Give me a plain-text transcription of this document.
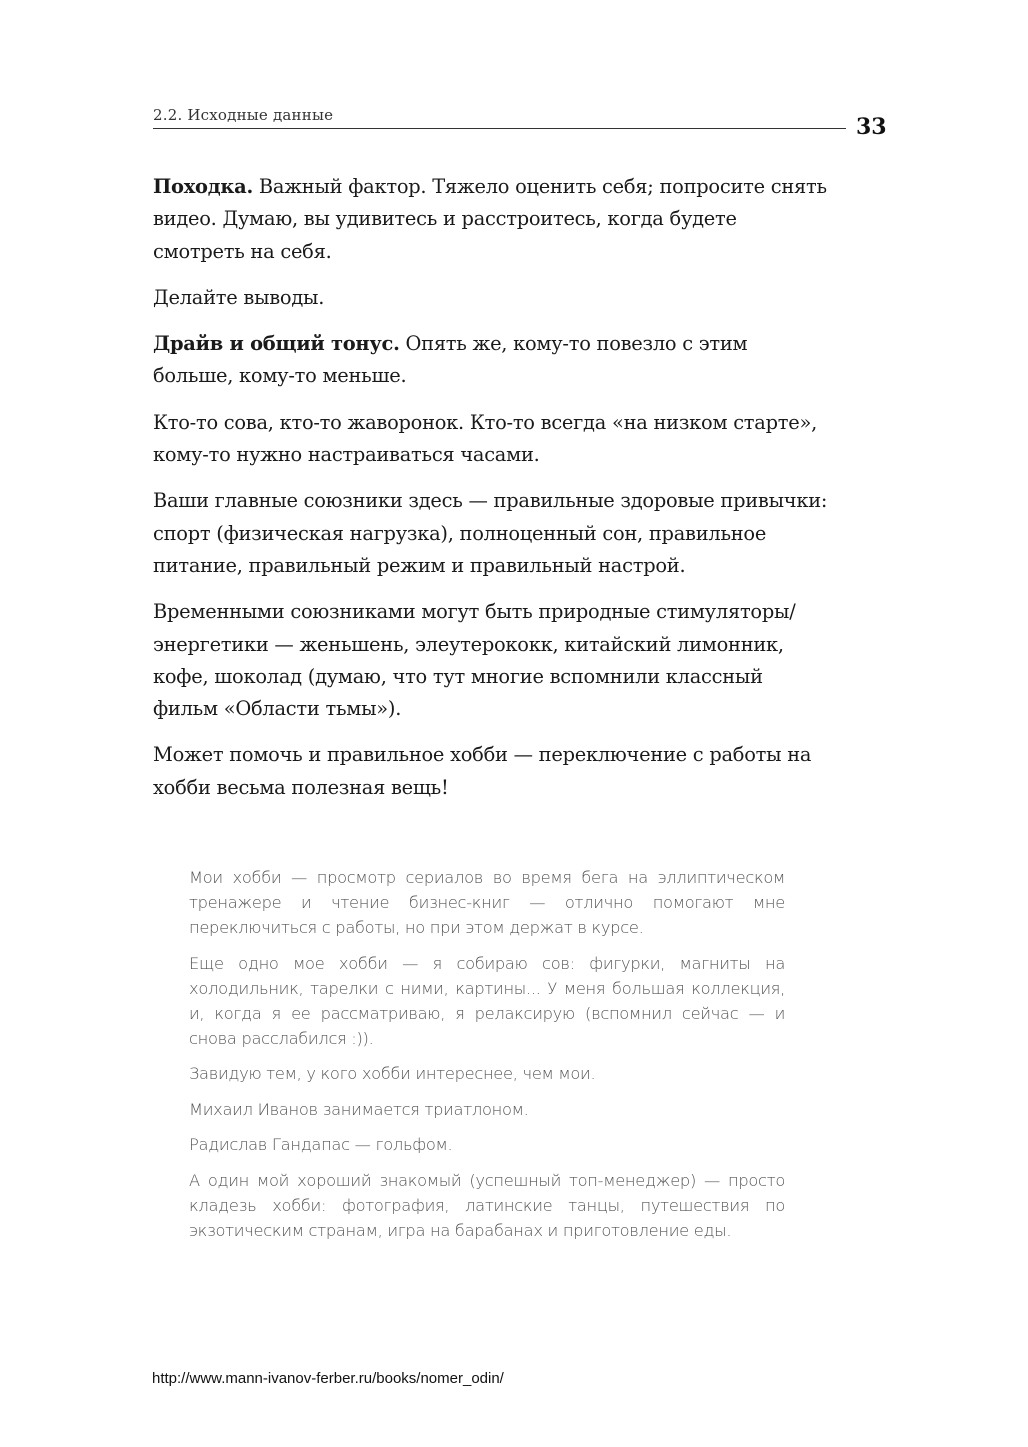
2.2. Исходные данные	33

Походка. Важный фактор. Тяжело оценить себя; попросите снять видео. Думаю, вы удивитесь и расстроитесь, когда будете смотреть на себя.

Делайте выводы.

Драйв и общий тонус. Опять же, кому-то повезло с этим больше, кому-то меньше.

Кто-то сова, кто-то жаворонок. Кто-то всегда «на низком старте», кому-то нужно настраиваться часами.

Ваши главные союзники здесь — правильные здоровые привычки: спорт (физическая нагрузка), полноценный сон, правильное питание, правильный режим и правильный настрой.

Временными союзниками могут быть природные стимуляторы/энергетики — женьшень, элеутерококк, китайский лимонник, кофе, шоколад (думаю, что тут многие вспомнили классный фильм «Области тьмы»).

Может помочь и правильное хобби — переключение с работы на хобби весьма полезная вещь!

Мои хобби — просмотр сериалов во время бега на эллиптическом тренажере и чтение бизнес-книг — отлично помогают мне переключиться с работы, но при этом держат в курсе.

Еще одно мое хобби — я собираю сов: фигурки, магниты на холодильник, тарелки с ними, картины... У меня большая коллекция, и, когда я ее рассматриваю, я релаксирую (вспомнил сейчас — и снова расслабился :)).

Завидую тем, у кого хобби интереснее, чем мои.

Михаил Иванов занимается триатлоном.

Радислав Гандапас — гольфом.

А один мой хороший знакомый (успешный топ-менеджер) — просто кладезь хобби: фотография, латинские танцы, путешествия по экзотическим странам, игра на барабанах и приготовление еды.

http://www.mann-ivanov-ferber.ru/books/nomer_odin/
